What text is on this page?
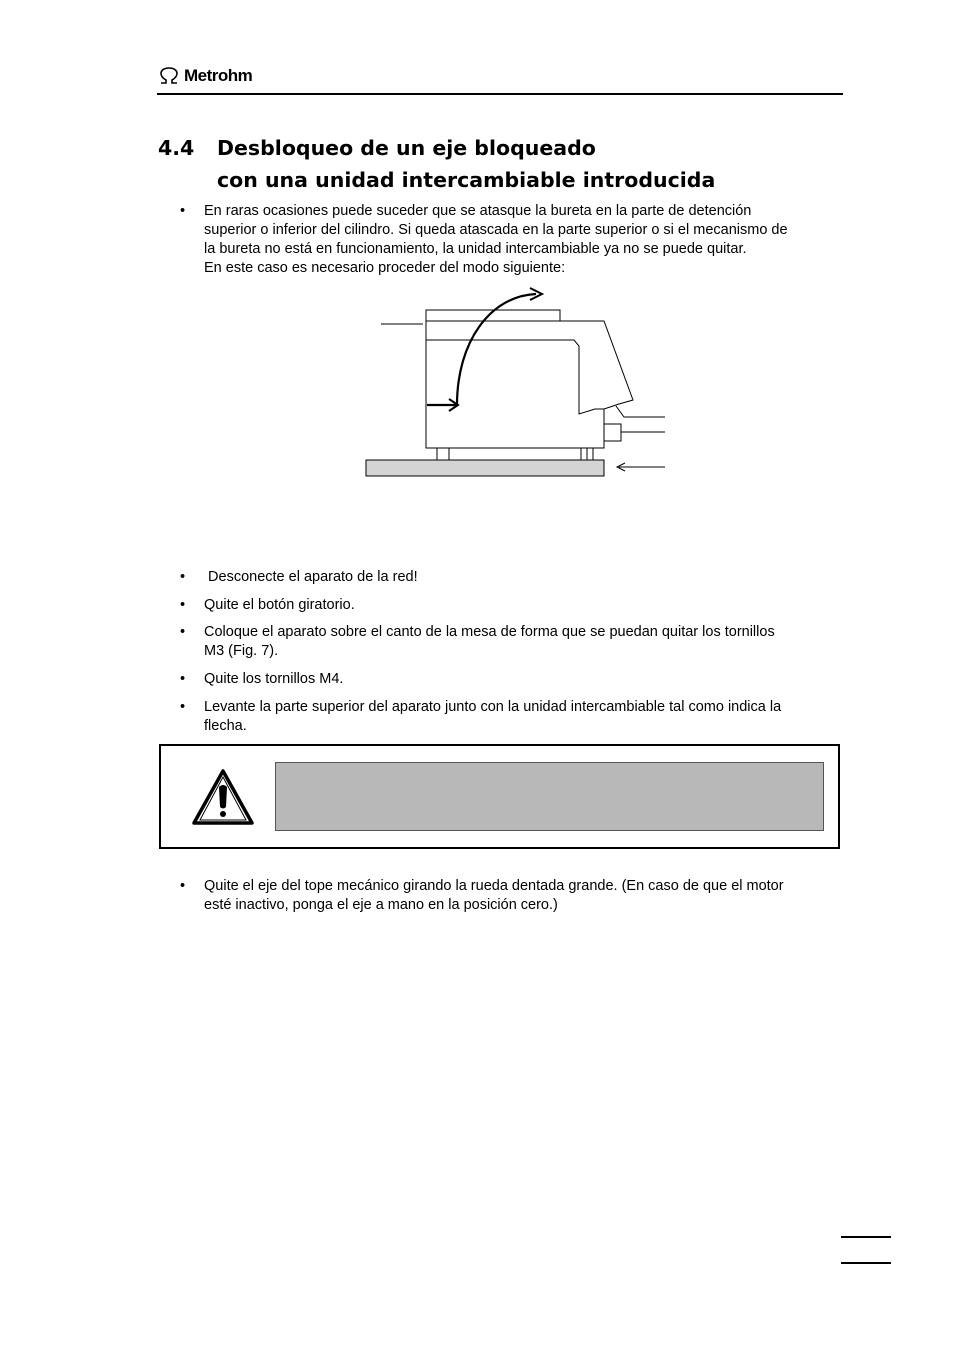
Metrohm
4.4 Desbloqueo de un eje bloqueado
con una unidad intercambiable introducida
• En raras ocasiones puede suceder que se atasque la bureta en la parte de detención
superior o inferior del cilindro. Si queda atascada en la parte superior o si el mecanismo de
la bureta no está en funcionamiento, la unidad intercambiable ya no se puede quitar.
En este caso es necesario proceder del modo siguiente:
• Desconecte el aparato de la red!
• Quite el botón giratorio.
• Coloque el aparato sobre el canto de la mesa de forma que se puedan quitar los tornillos
M3 (Fig. 7).
• Quite los tornillos M4.
• Levante la parte superior del aparato junto con la unidad intercambiable tal como indica la
flecha.
• Quite el eje del tope mecánico girando la rueda dentada grande. (En caso de que el motor
esté inactivo, ponga el eje a mano en la posición cero.)
